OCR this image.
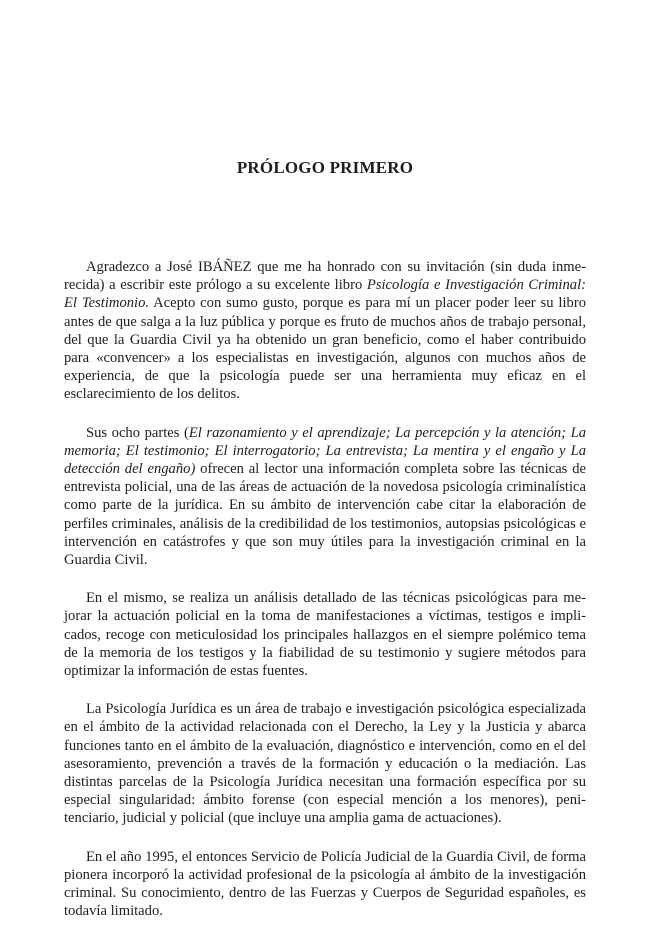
PRÓLOGO PRIMERO

Agradezco a José IBÁÑEZ que me ha honrado con su invitación (sin duda inmerecida) a escribir este prólogo a su excelente libro Psicología e Investigación Criminal: El Testimonio. Acepto con sumo gusto, porque es para mí un placer poder leer su libro antes de que salga a la luz pública y porque es fruto de muchos años de trabajo personal, del que la Guardia Civil ya ha obtenido un gran beneficio, como el haber contribuido para «convencer» a los especialistas en investigación, algunos con muchos años de experiencia, de que la psicología puede ser una herramienta muy eficaz en el esclarecimiento de los delitos.

Sus ocho partes (El razonamiento y el aprendizaje; La percepción y la atención; La memoria; El testimonio; El interrogatorio; La entrevista; La mentira y el engaño y La detección del engaño) ofrecen al lector una información completa sobre las técnicas de entrevista policial, una de las áreas de actuación de la novedosa psicología criminalística como parte de la jurídica. En su ámbito de intervención cabe citar la elaboración de perfiles criminales, análisis de la credibilidad de los testimonios, autopsias psicológicas e intervención en catástrofes y que son muy útiles para la investigación criminal en la Guardia Civil.

En el mismo, se realiza un análisis detallado de las técnicas psicológicas para mejorar la actuación policial en la toma de manifestaciones a víctimas, testigos e implicados, recoge con meticulosidad los principales hallazgos en el siempre polémico tema de la memoria de los testigos y la fiabilidad de su testimonio y sugiere métodos para optimizar la información de estas fuentes.

La Psicología Jurídica es un área de trabajo e investigación psicológica especializada en el ámbito de la actividad relacionada con el Derecho, la Ley y la Justicia y abarca funciones tanto en el ámbito de la evaluación, diagnóstico e intervención, como en el del asesoramiento, prevención a través de la formación y educación o la mediación. Las distintas parcelas de la Psicología Jurídica necesitan una formación específica por su especial singularidad: ámbito forense (con especial mención a los menores), penitenciario, judicial y policial (que incluye una amplia gama de actuaciones).

En el año 1995, el entonces Servicio de Policía Judicial de la Guardia Civil, de forma pionera incorporó la actividad profesional de la psicología al ámbito de la investigación criminal. Su conocimiento, dentro de las Fuerzas y Cuerpos de Seguridad españoles, es todavía limitado.
